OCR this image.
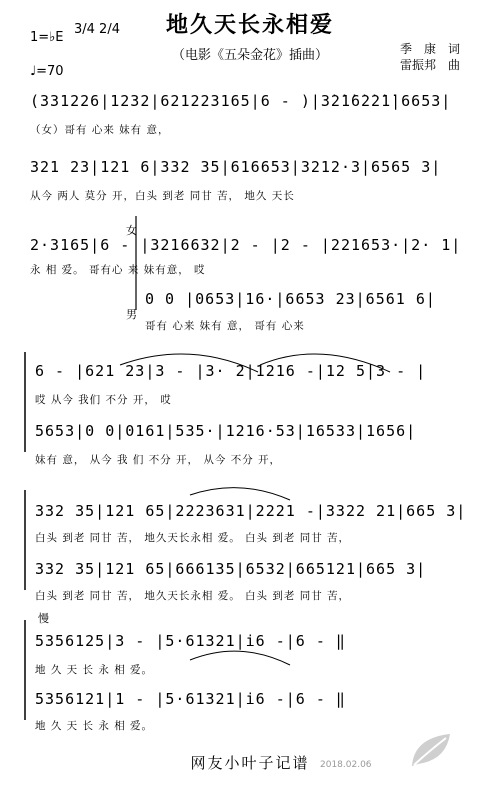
1=♭E
3/4 2/4
♩=70
地久天长永相爱
（电影《五朵金花》插曲）	季　康　词
雷振邦　曲
(331226|1232|621223165|6 - )|3̇2̇1̇6̇2̇2̇1̇|6653|
（女）哥有 心来 妹有 意，
321 23|121 6|332 35|616653|3212·3|6565 3|
从今 两人 莫分 开，白头 到老 同甘 苦， 地久 天长
女
2·3165|6 - |3216632|2 - |2 - |221653·|2· 1|
永 相 爱。 哥有心 来 妹有意， 哎
0 0 |0653|16·|6653 23|6561 6|
哥有 心来 妹有 意， 哥有 心来
男
6 - |621 23|3 - |3· 2|1216 -|12 5|3 - |
哎 从今 我们 不分 开， 哎
5653|0 0|0161|535·|1216·53|16533|1656|
妹有 意， 从今 我 们 不分 开， 从今 不分 开，
332 35|121 65|2223631|2221 -|3322 21|665 3|
白头 到老 同甘 苦， 地久天长永相 爱。 白头 到老 同甘 苦，
332 35|121 65|666135|6532|665121|665 3|
白头 到老 同甘 苦， 地久天长永相 爱。 白头 到老 同甘 苦，
慢
5356125|3 - |5·61321|i6 -|6 - ‖
地 久 天 长 永 相 爱。
5356121|1 - |5·61321|i6 -|6 - ‖
地 久 天 长 永 相 爱。
网友小叶子记谱	2018.02.06
